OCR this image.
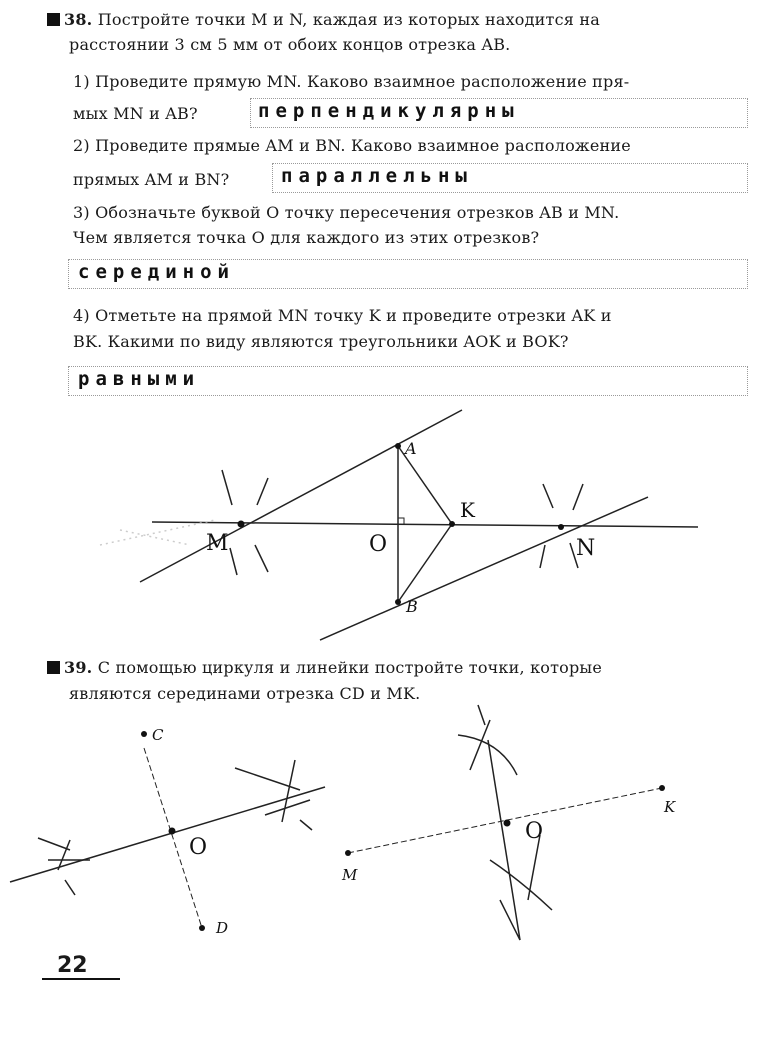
38. Постройте точки M и N, каждая из которых находится на
расстоянии 3 см 5 мм от обоих концов отрезка AB.
1) Проведите прямую MN. Каково взаимное расположение пря-
мых MN и AB?	перпендикулярны
2) Проведите прямые AM и BN. Каково взаимное расположение
прямых AM и BN?	параллельны
3) Обозначьте буквой O точку пересечения отрезков AB и MN.
Чем является точка O для каждого из этих отрезков?
серединой
4) Отметьте на прямой MN точку K и проведите отрезки AK и
BK. Какими по виду являются треугольники AOK и BOK?
равными
39. С помощью циркуля и линейки постройте точки, которые
являются серединами отрезка CD и MK.
A
B
K
M	N
O
C
D
O
M
K
O
22
